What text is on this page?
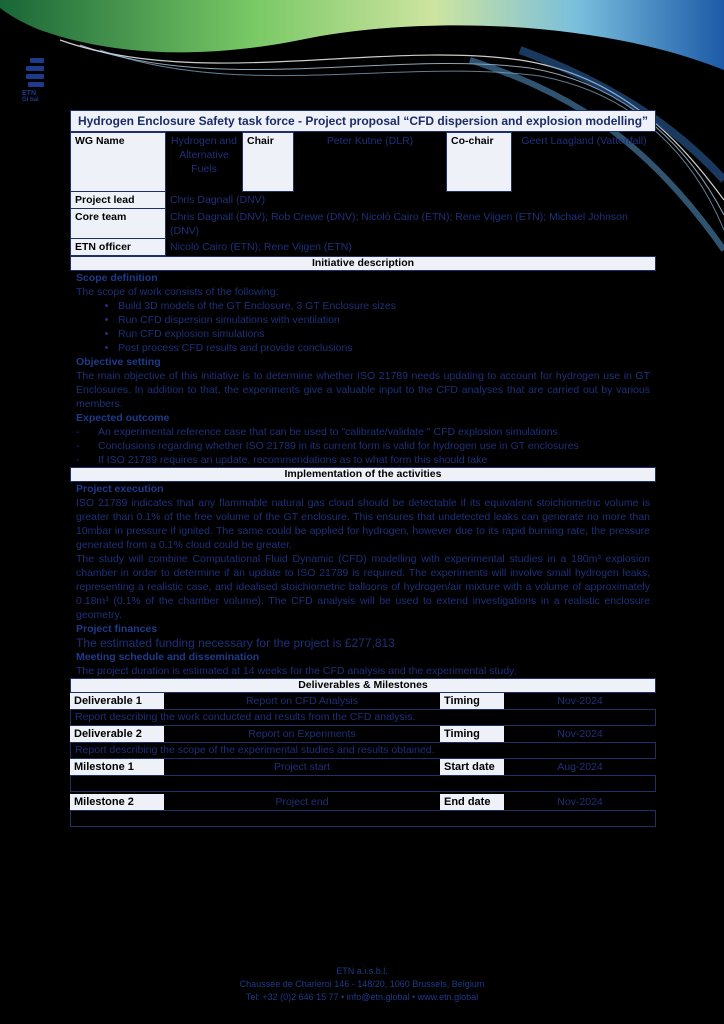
ETN
Gl bal
Hydrogen Enclosure Safety task force - Project proposal “CFD dispersion and explosion modelling”
WG Name	Hydrogen and Alternative Fuels	Chair	Peter Kutne (DLR)	Co-chair	Geert Laagland (Vattenfall)
Project lead	Chris Dagnall (DNV)				
Core team	Chris Dagnall (DNV); Rob Crewe (DNV); Nicolò Cairo (ETN); Rene Vijgen (ETN); Michael Johnson (DNV)				
ETN officer	Nicolò Cairo (ETN); Rene Vijgen (ETN)				
Initiative description
Scope definition
The scope of work consists of the following:
• Build 3D models of the GT Enclosure, 3 GT Enclosure sizes
• Run CFD dispersion simulations with ventilation
• Run CFD explosion simulations
• Post process CFD results and provide conclusions
Objective setting
The main objective of this initiative is to determine whether ISO 21789 needs updating to account for hydrogen use in GT Enclosures. In addition to that, the experiments give a valuable input to the CFD analyses that are carried out by various members.
Expected outcome
- An experimental reference case that can be used to "calibrate/validate " CFD explosion simulations
- Conclusions regarding whether ISO 21789 in its current form is valid for hydrogen use in GT enclosures
- If ISO 21789 requires an update, recommendations as to what form this should take
Implementation of the activities
Project execution
ISO 21789 indicates that any flammable natural gas cloud should be detectable if its equivalent stoichiometric volume is greater than 0.1% of the free volume of the GT enclosure. This ensures that undetected leaks can generate no more than 10mbar in pressure if ignited. The same could be applied for hydrogen, however due to its rapid burning rate, the pressure generated from a 0.1% cloud could be greater.
The study will combine Computational Fluid Dynamic (CFD) modelling with experimental studies in a 180m³ explosion chamber in order to determine if an update to ISO 21789 is required. The experiments will involve small hydrogen leaks, representing a realistic case, and idealised stoichiometric balloons of hydrogen/air mixture with a volume of approximately 0.18m³ (0.1% of the chamber volume). The CFD analysis will be used to extend investigations in a realistic enclosure geometry.
Project finances
The estimated funding necessary for the project is £277,813
Meeting schedule and dissemination
The project duration is estimated at 14 weeks for the CFD analysis and the experimental study.
Deliverables & Milestones
Deliverable 1	Report on CFD Analysis	Timing	Nov-2024
Report describing the work conducted and results from the CFD analysis.
Deliverable 2	Report on Experiments	Timing	Nov-2024
Report describing the scope of the experimental studies and results obtained.
Milestone 1	Project start	Start date	Aug-2024
Milestone 2	Project end	End date	Nov-2024
ETN a.i.s.b.l.
Chaussée de Charleroi 146 - 148/20, 1060 Brussels, Belgium
Tel: +32 (0)2 646 15 77 • info@etn.global • www.etn.global
